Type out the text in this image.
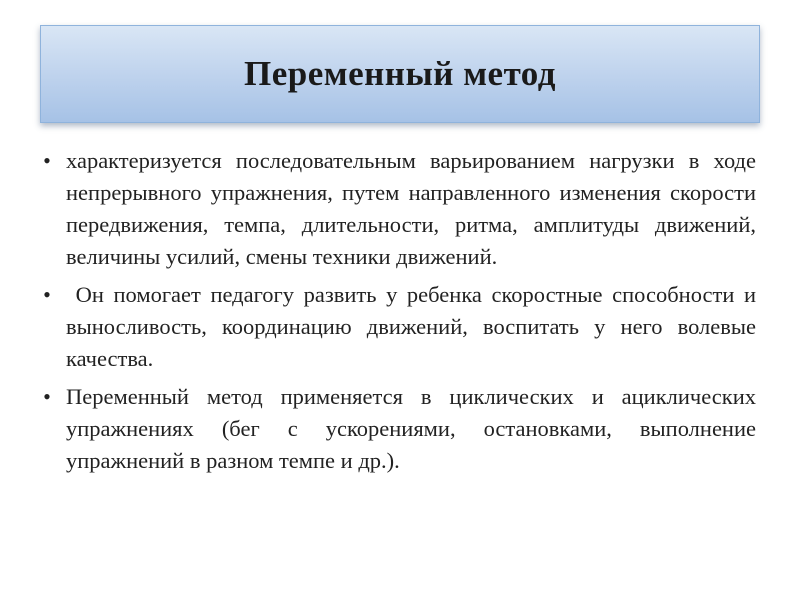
Переменный метод
• характеризуется последовательным варьированием нагрузки в ходе непрерывного упражнения, путем направленного изменения скорости передвижения, темпа, длительности, ритма, амплитуды движений, величины усилий, смены техники движений.
• Он помогает педагогу развить у ребенка скоростные способности и выносливость, координацию движений, воспитать у него волевые качества.
• Переменный метод применяется в циклических и ациклических упражнениях (бег с ускорениями, остановками, выполнение упражнений в разном темпе и др.).
